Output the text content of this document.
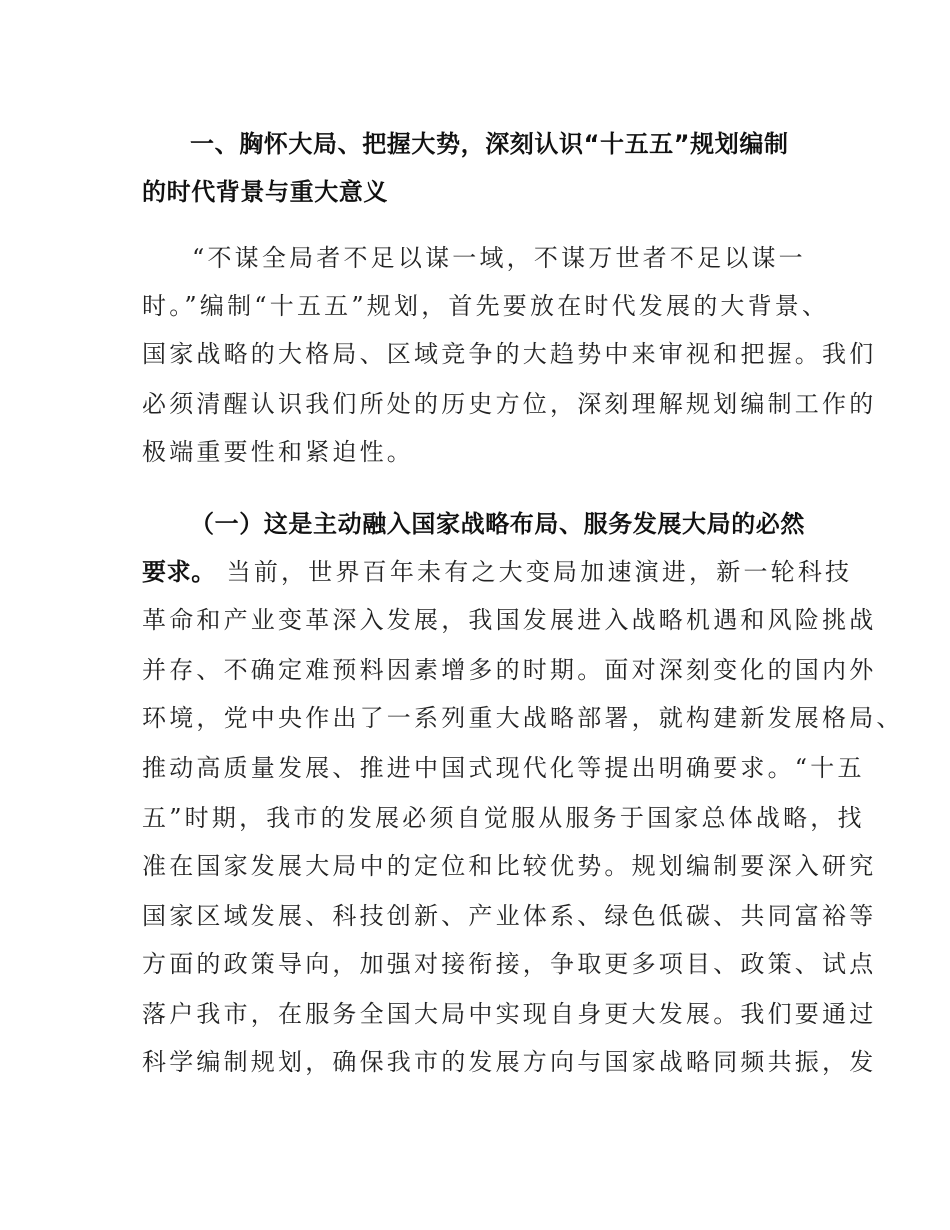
一、胸怀大局、把握大势，深刻认识“十五五”规划编制
的时代背景与重大意义
“不谋全局者不足以谋一域，不谋万世者不足以谋一
时。”编制“十五五”规划，首先要放在时代发展的大背景、
国家战略的大格局、区域竞争的大趋势中来审视和把握。我们
必须清醒认识我们所处的历史方位，深刻理解规划编制工作的
极端重要性和紧迫性。
（一）这是主动融入国家战略布局、服务发展大局的必然
要求。 当前，世界百年未有之大变局加速演进，新一轮科技
革命和产业变革深入发展，我国发展进入战略机遇和风险挑战
并存、不确定难预料因素增多的时期。面对深刻变化的国内外
环境，党中央作出了一系列重大战略部署，就构建新发展格局、
推动高质量发展、推进中国式现代化等提出明确要求。“十五
五”时期，我市的发展必须自觉服从服务于国家总体战略，找
准在国家发展大局中的定位和比较优势。规划编制要深入研究
国家区域发展、科技创新、产业体系、绿色低碳、共同富裕等
方面的政策导向，加强对接衔接，争取更多项目、政策、试点
落户我市，在服务全国大局中实现自身更大发展。我们要通过
科学编制规划，确保我市的发展方向与国家战略同频共振，发
